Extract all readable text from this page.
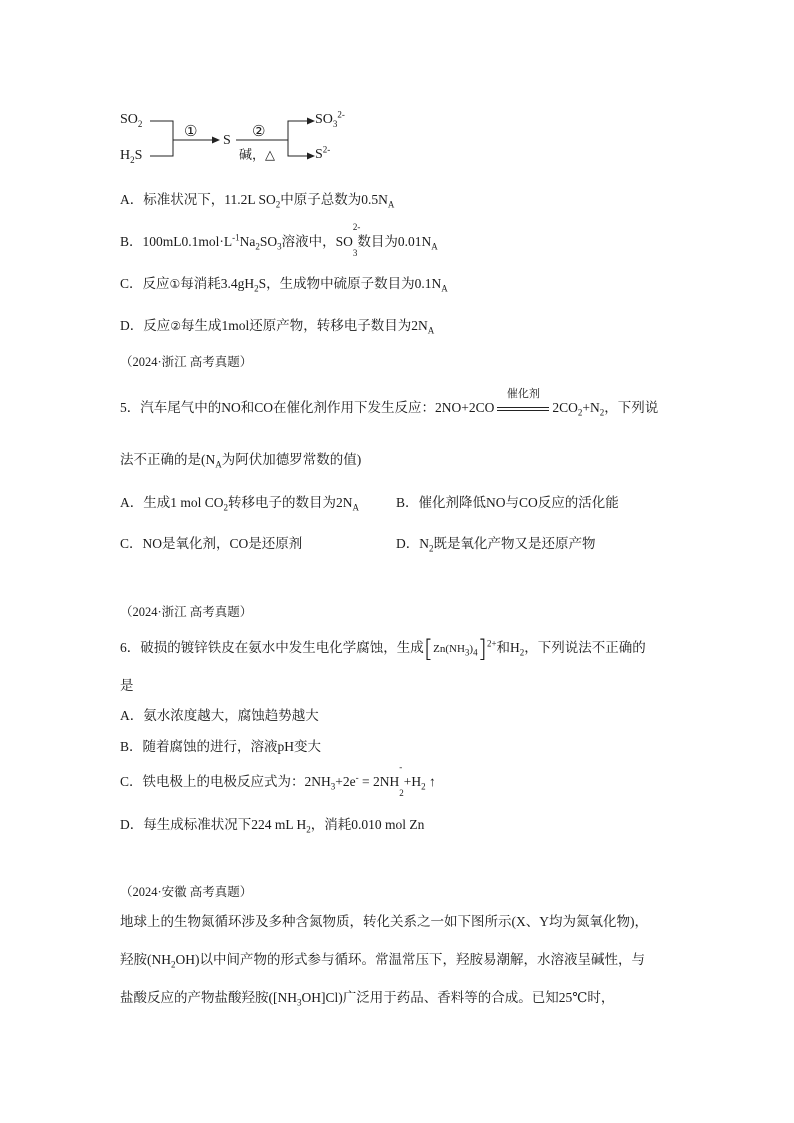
$SO_2$
$H_2S$
①
S
②
碱，△
$SO_3^{2-}$
$S^{2-}$
A．标准状况下，11.2L $SO_2$中原子总数为$0.5N_A$
B．$100mL0.1mol\cdot L^{-1}Na_2SO_3$溶液中，SO
2-
$_3$数目为$0.01N_A$
C．反应①每消耗$3.4gH_2S$，生成物中硫原子数目为$0.1N_A$
D．反应②每生成1mol还原产物，转移电子数目为$2N_A$
（2024·浙江 高考真题）
5．汽车尾气中的NO和CO在催化剂作用下发生反应：2NO+2CO
催化剂
$2CO_2+N_2$，下列说
法不正确的是($N_A$为阿伏加德罗常数的值)
A．生成1 mol $CO_2$转移电子的数目为$2N_A$	B．催化剂降低NO与CO反应的活化能
C．NO是氧化剂，CO是还原剂	D．$N_2$既是氧化产物又是还原产物
（2024·浙江 高考真题）
6．破损的镀锌铁皮在氨水中发生电化学腐蚀，生成$[Zn(NH_3)_4]^{2+}$和$H_2$，下列说法不正确的
是
A．氨水浓度越大，腐蚀趋势越大
B．随着腐蚀的进行，溶液pH变大
C．铁电极上的电极反应式为：$2NH_3+2e^- = 2NH$
-
$_2+H_2$ ↑
D．每生成标准状况下224 mL $H_2$，消耗0.010 mol Zn
（2024·安徽 高考真题）
地球上的生物氮循环涉及多种含氮物质，转化关系之一如下图所示(X、Y均为氮氧化物)，
羟胺$(NH_2OH)$以中间产物的形式参与循环。常温常压下，羟胺易潮解，水溶液呈碱性，与
盐酸反应的产物盐酸羟胺$([NH_3OH]Cl)$广泛用于药品、香料等的合成。已知25℃时，
